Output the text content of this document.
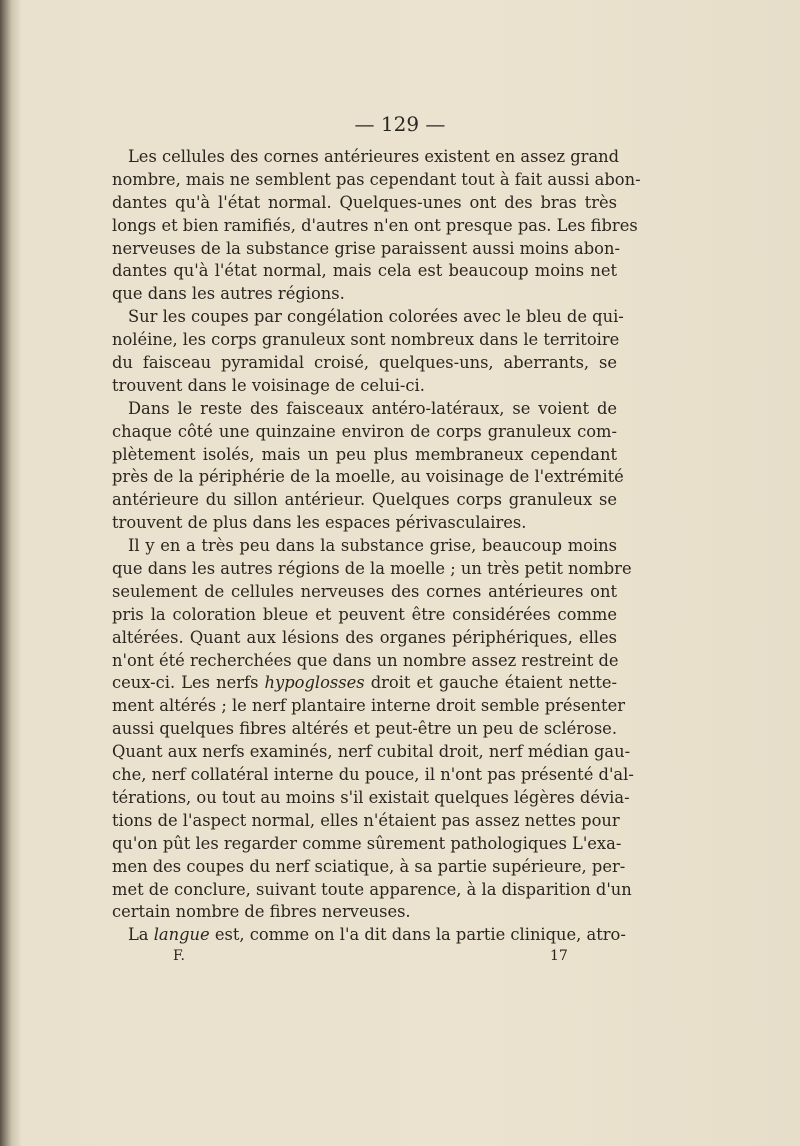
— 129 —
Les cellules des cornes antérieures existent en assez grand
nombre, mais ne semblent pas cependant tout à fait aussi abon-
dantes qu'à l'état normal. Quelques-unes ont des bras très
longs et bien ramifiés, d'autres n'en ont presque pas. Les fibres
nerveuses de la substance grise paraissent aussi moins abon-
dantes qu'à l'état normal, mais cela est beaucoup moins net
que dans les autres régions.
Sur les coupes par congélation colorées avec le bleu de qui-
noléine, les corps granuleux sont nombreux dans le territoire
du faisceau pyramidal croisé, quelques-uns, aberrants, se
trouvent dans le voisinage de celui-ci.
Dans le reste des faisceaux antéro-latéraux, se voient de
chaque côté une quinzaine environ de corps granuleux com-
plètement isolés, mais un peu plus membraneux cependant
près de la périphérie de la moelle, au voisinage de l'extrémité
antérieure du sillon antérieur. Quelques corps granuleux se
trouvent de plus dans les espaces périvasculaires.
Il y en a très peu dans la substance grise, beaucoup moins
que dans les autres régions de la moelle ; un très petit nombre
seulement de cellules nerveuses des cornes antérieures ont
pris la coloration bleue et peuvent être considérées comme
altérées. Quant aux lésions des organes périphériques, elles
n'ont été recherchées que dans un nombre assez restreint de
ceux-ci. Les nerfs hypoglosses droit et gauche étaient nette-
ment altérés ; le nerf plantaire interne droit semble présenter
aussi quelques fibres altérés et peut-être un peu de sclérose.
Quant aux nerfs examinés, nerf cubital droit, nerf médian gau-
che, nerf collatéral interne du pouce, il n'ont pas présenté d'al-
térations, ou tout au moins s'il existait quelques légères dévia-
tions de l'aspect normal, elles n'étaient pas assez nettes pour
qu'on pût les regarder comme sûrement pathologiques L'exa-
men des coupes du nerf sciatique, à sa partie supérieure, per-
met de conclure, suivant toute apparence, à la disparition d'un
certain nombre de fibres nerveuses.
La langue est, comme on l'a dit dans la partie clinique, atro-
F.	17
